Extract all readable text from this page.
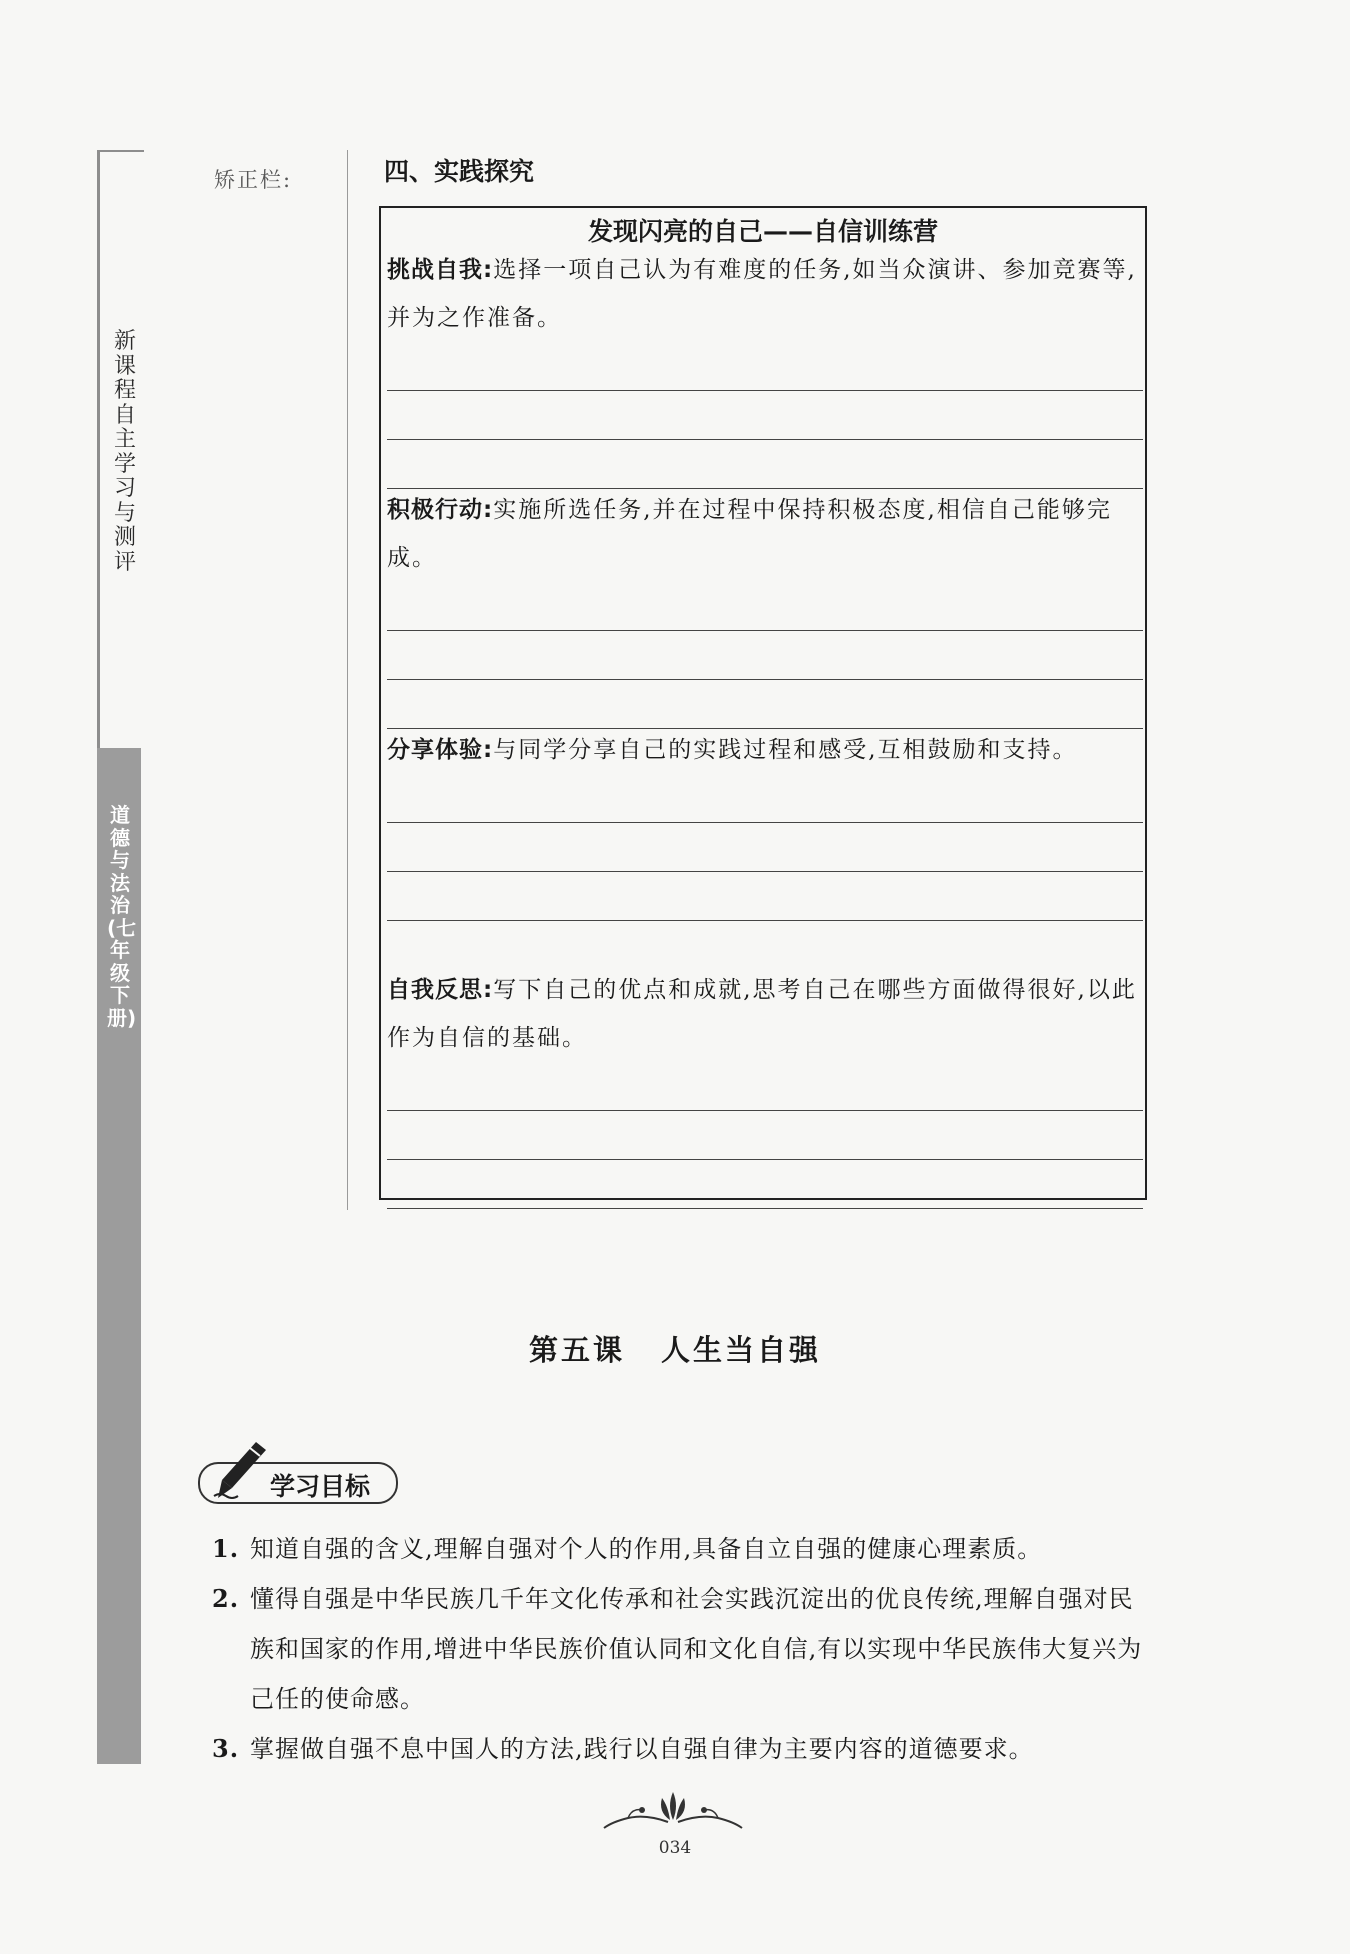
新课程自主学习与测评
道德与法治(七年级下册)
矫正栏:	四、实践探究
发现闪亮的自己——自信训练营

挑战自我:选择一项自己认为有难度的任务,如当众演讲、参加竞赛等,并为之作准备。

积极行动:实施所选任务,并在过程中保持积极态度,相信自己能够完成。

分享体验:与同学分享自己的实践过程和感受,互相鼓励和支持。

自我反思:写下自己的优点和成就,思考自己在哪些方面做得很好,以此作为自信的基础。

第五课 人生当自强
学习目标
1. 知道自强的含义,理解自强对个人的作用,具备自立自强的健康心理素质。
2. 懂得自强是中华民族几千年文化传承和社会实践沉淀出的优良传统,理解自强对民族和国家的作用,增进中华民族价值认同和文化自信,有以实现中华民族伟大复兴为己任的使命感。
3. 掌握做自强不息中国人的方法,践行以自强自律为主要内容的道德要求。
034
